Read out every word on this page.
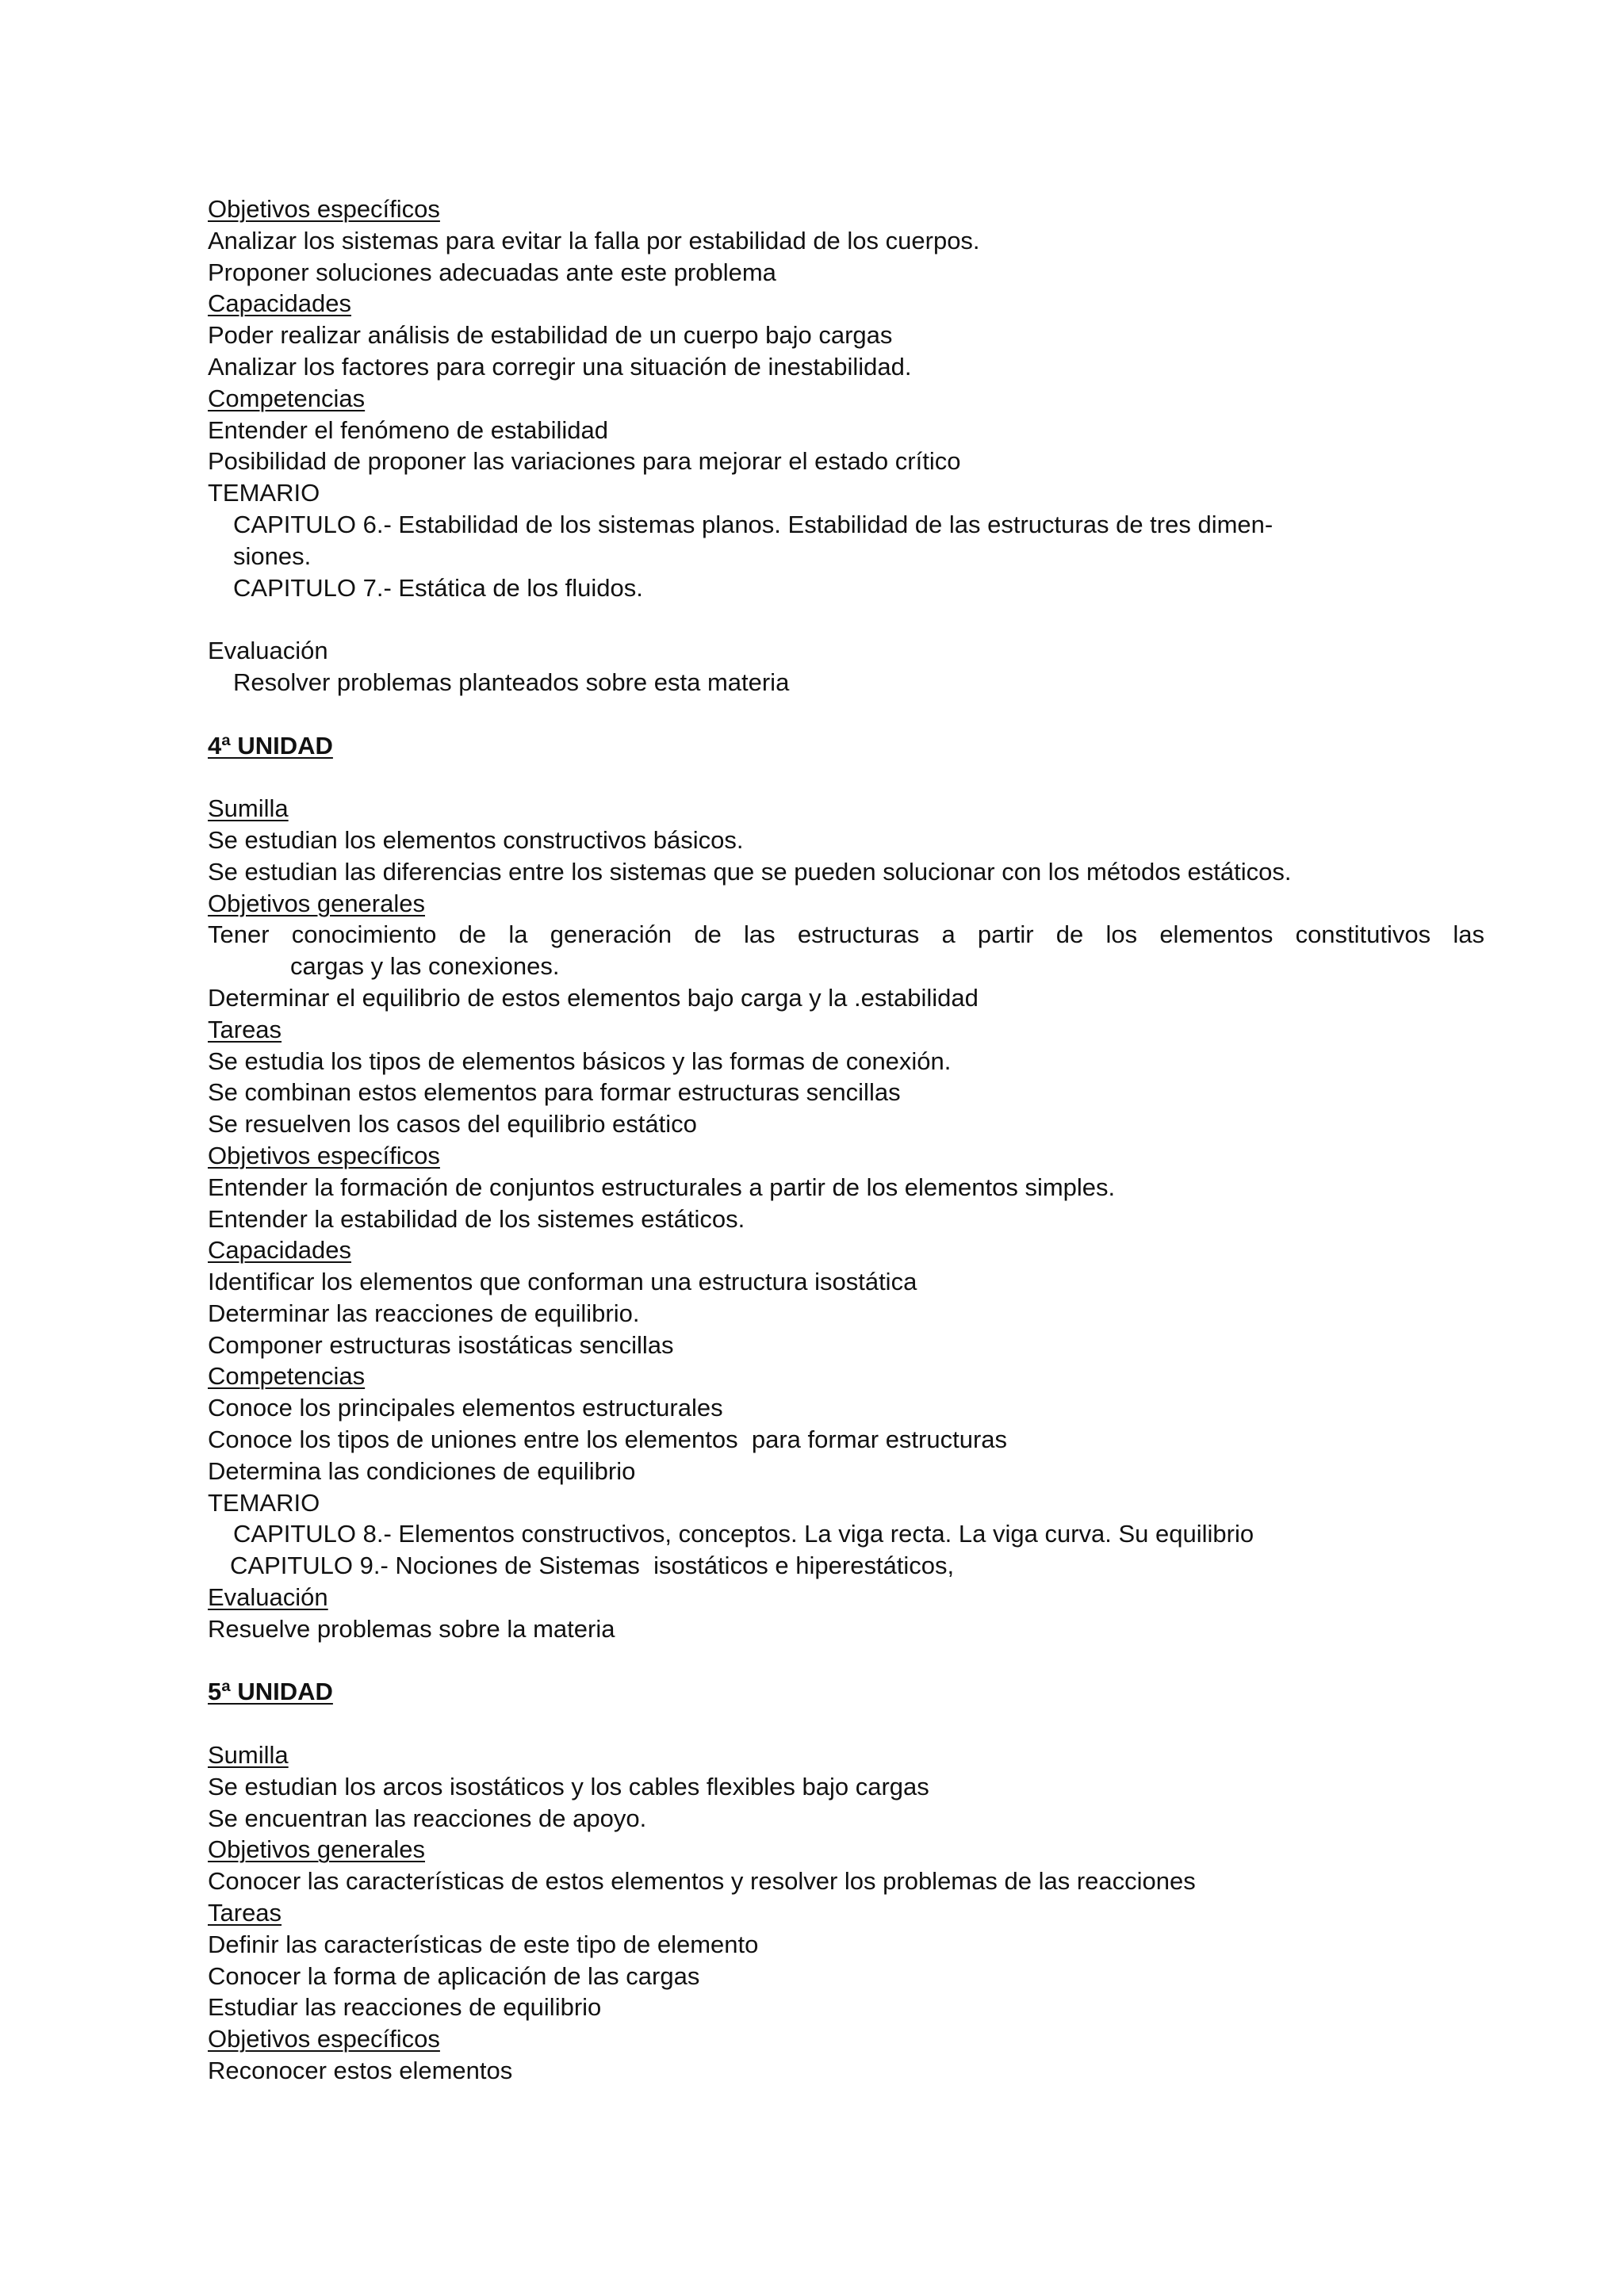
Objetivos específicos

Analizar los sistemas para evitar la falla por estabilidad de los cuerpos.

Proponer soluciones adecuadas ante este problema

Capacidades

Poder realizar análisis de estabilidad de un cuerpo bajo cargas

Analizar los factores para corregir una situación de inestabilidad.

Competencias

Entender el fenómeno de estabilidad

Posibilidad de proponer las variaciones para mejorar el estado crítico

TEMARIO

CAPITULO 6.- Estabilidad de los sistemas planos. Estabilidad de las estructuras de tres dimen-

siones.

CAPITULO 7.- Estática de los fluidos.

Evaluación

Resolver problemas planteados sobre esta materia

4ª UNIDAD

Sumilla

Se estudian los elementos constructivos básicos.

Se estudian las diferencias entre los sistemas que se pueden solucionar con los métodos estáticos.

Objetivos generales

Tener conocimiento de la generación de las estructuras a partir de los elementos constitutivos las

cargas y las conexiones.

Determinar el equilibrio de estos elementos bajo carga y la .estabilidad

Tareas

Se estudia los tipos de elementos básicos y las formas de conexión.

Se combinan estos elementos para formar estructuras sencillas

Se resuelven los casos del equilibrio estático

Objetivos específicos

Entender la formación de conjuntos estructurales a partir de los elementos simples.

Entender la estabilidad de los sistemes estáticos.

Capacidades

Identificar los elementos que conforman una estructura isostática

Determinar las reacciones de equilibrio.

Componer estructuras isostáticas sencillas

Competencias

Conoce los principales elementos estructurales

Conoce los tipos de uniones entre los elementos  para formar estructuras

Determina las condiciones de equilibrio

TEMARIO

CAPITULO 8.- Elementos constructivos, conceptos. La viga recta. La viga curva. Su equilibrio

CAPITULO 9.- Nociones de Sistemas  isostáticos e hiperestáticos,

Evaluación

Resuelve problemas sobre la materia

5ª UNIDAD

Sumilla

Se estudian los arcos isostáticos y los cables flexibles bajo cargas

Se encuentran las reacciones de apoyo.

Objetivos generales

Conocer las características de estos elementos y resolver los problemas de las reacciones

Tareas

Definir las características de este tipo de elemento

Conocer la forma de aplicación de las cargas

Estudiar las reacciones de equilibrio

Objetivos específicos

Reconocer estos elementos
